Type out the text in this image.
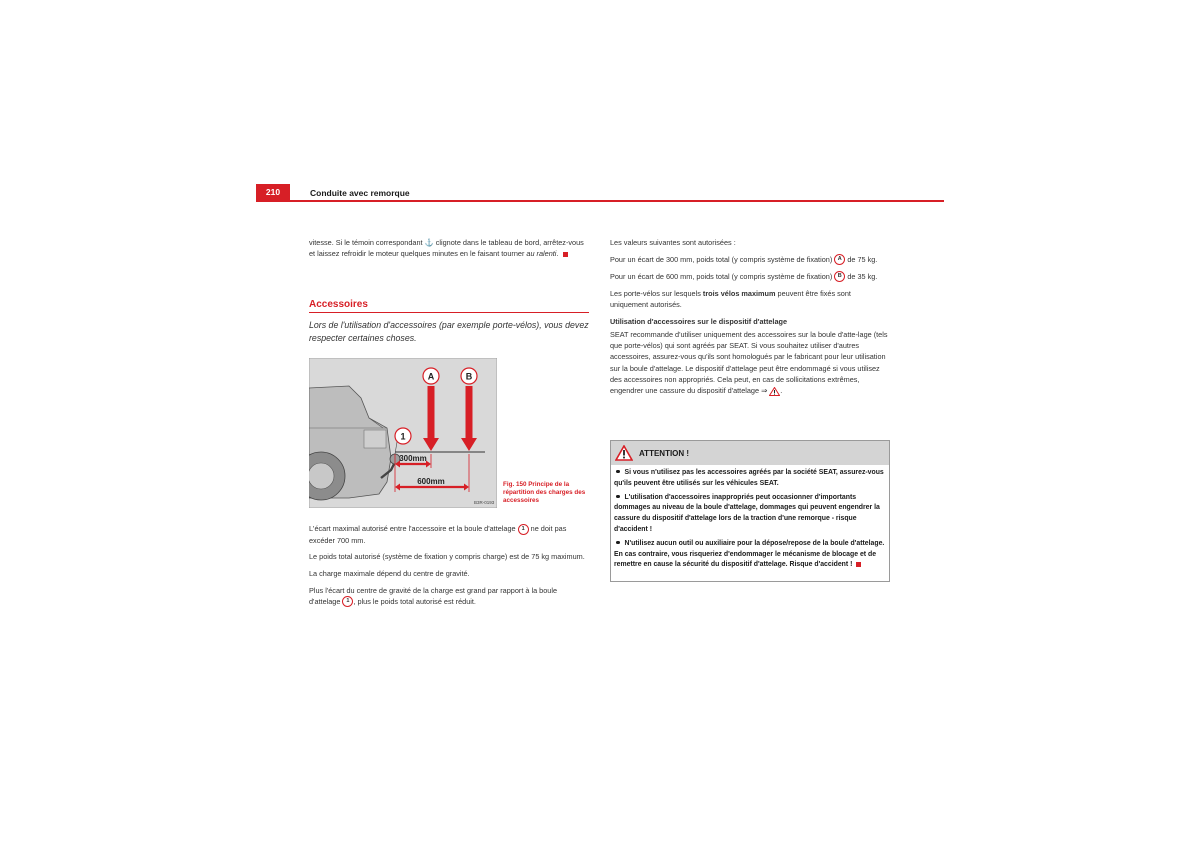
210	Conduite avec remorque

vitesse. Si le témoin correspondant ⚓ clignote dans le tableau de bord, arrêtez-vous et laissez refroidir le moteur quelques minutes en le faisant tourner au ralenti.

Accessoires

Lors de l'utilisation d'accessoires (par exemple porte-vélos), vous devez respecter certaines choses.

1
A	B
300mm
600mm
B3R-0193
Fig. 150 Principe de la répartition des charges des accessoires

L'écart maximal autorisé entre l'accessoire et la boule d'attelage 1 ne doit pas excéder 700 mm.

Le poids total autorisé (système de fixation y compris charge) est de 75 kg maximum.

La charge maximale dépend du centre de gravité.

Plus l'écart du centre de gravité de la charge est grand par rapport à la boule d'attelage 1 , plus le poids total autorisé est réduit.

Les valeurs suivantes sont autorisées :

Pour un écart de 300 mm, poids total (y compris système de fixation) A de 75 kg.

Pour un écart de 600 mm, poids total (y compris système de fixation) B de 35 kg.

Les porte-vélos sur lesquels trois vélos maximum peuvent être fixés sont uniquement autorisés.

Utilisation d'accessoires sur le dispositif d'attelage

SEAT recommande d'utiliser uniquement des accessoires sur la boule d'atte-lage (tels que porte-vélos) qui sont agréés par SEAT. Si vous souhaitez utiliser d'autres accessoires, assurez-vous qu'ils sont homologués par le fabricant pour leur utilisation sur la boule d'attelage. Le dispositif d'attelage peut être endommagé si vous utilisez des accessoires non appropriés. Cela peut, en cas de sollicitations extrêmes, engendrer une cassure du dispositif d'attelage ⇒ .

ATTENTION !

Si vous n'utilisez pas les accessoires agréés par la société SEAT, assurez-vous qu'ils peuvent être utilisés sur les véhicules SEAT.

L'utilisation d'accessoires inappropriés peut occasionner d'importants dommages au niveau de la boule d'attelage, dommages qui peuvent engendrer la cassure du dispositif d'attelage lors de la traction d'une remorque - risque d'accident !

N'utilisez aucun outil ou auxiliaire pour la dépose/repose de la boule d'attelage. En cas contraire, vous risqueriez d'endommager le mécanisme de blocage et de remettre en cause la sécurité du dispositif d'attelage. Risque d'accident !
